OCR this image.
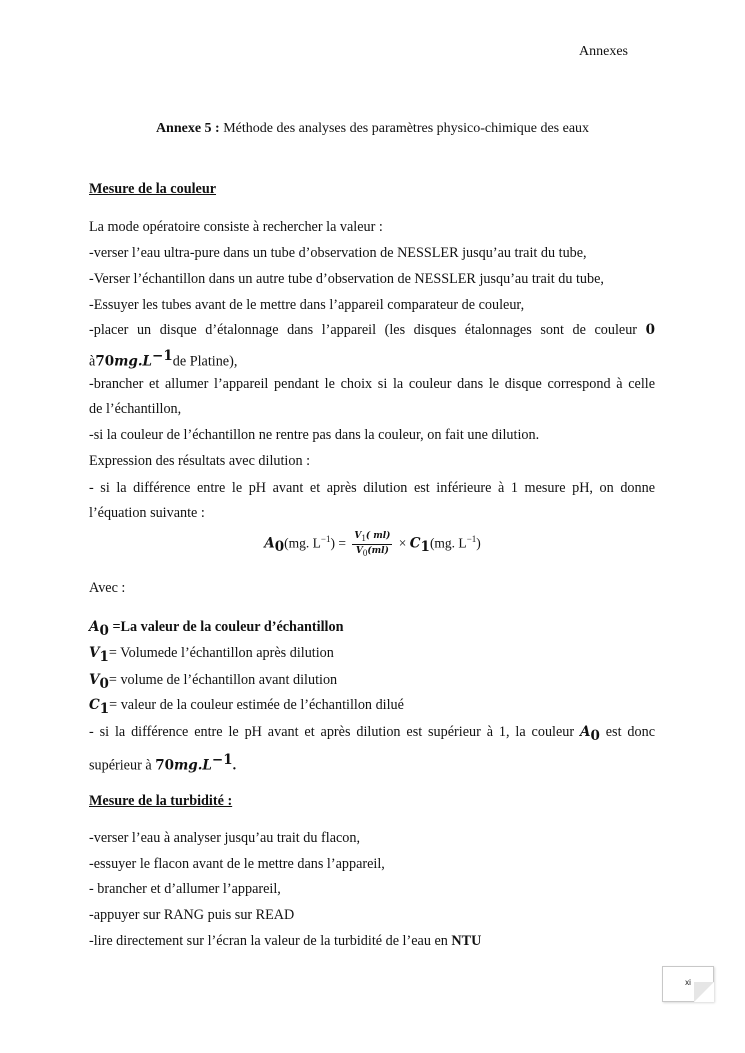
Annexes
Annexe 5 : Méthode des analyses des paramètres physico-chimique des eaux
Mesure de la couleur
La mode opératoire consiste à rechercher la valeur :
-verser l’eau ultra-pure dans un tube d’observation de NESSLER jusqu’au trait du tube,
-Verser l’échantillon dans un autre tube d’observation de NESSLER jusqu’au trait du tube,
-Essuyer les tubes avant de le mettre dans l’appareil comparateur de couleur,
-placer un disque d’étalonnage dans l’appareil (les disques étalonnages sont de couleur 0
$à70mg.L^{-1}de$ Platine),
-brancher et allumer l’appareil pendant le choix si la couleur dans le disque correspond à celle
de l’échantillon,
-si la couleur de l’échantillon ne rentre pas dans la couleur, on fait une dilution.
Expression des résultats avec dilution :
- si la différence entre le pH avant et après dilution est inférieure à 1 mesure pH, on donne
l’équation suivante :
$A_0(mg$. $L^{-1}) = \frac{V_1( ml)}{V_0(ml)} \times C_1(mg$. $L^{-1}$)
Avec :
$A_0 =La$ valeur de la couleur d’échantillon
$V_1=$ Volumede l’échantillon après dilution
$V_0=$ volume de l’échantillon avant dilution
$C_1=$ valeur de la couleur estimée de l’échantillon dilué
- si la différence entre le pH avant et après dilution est supérieur à 1, la couleur $A_0$ est donc
supérieur à $70mg.L^{-1}$.
Mesure de la turbidité :
-verser l’eau à analyser jusqu’au trait du flacon,
-essuyer le flacon avant de le mettre dans l’appareil,
- brancher et d’allumer l’appareil,
-appuyer sur RANG puis sur READ
-lire directement sur l’écran la valeur de la turbidité de l’eau en NTU
xi
